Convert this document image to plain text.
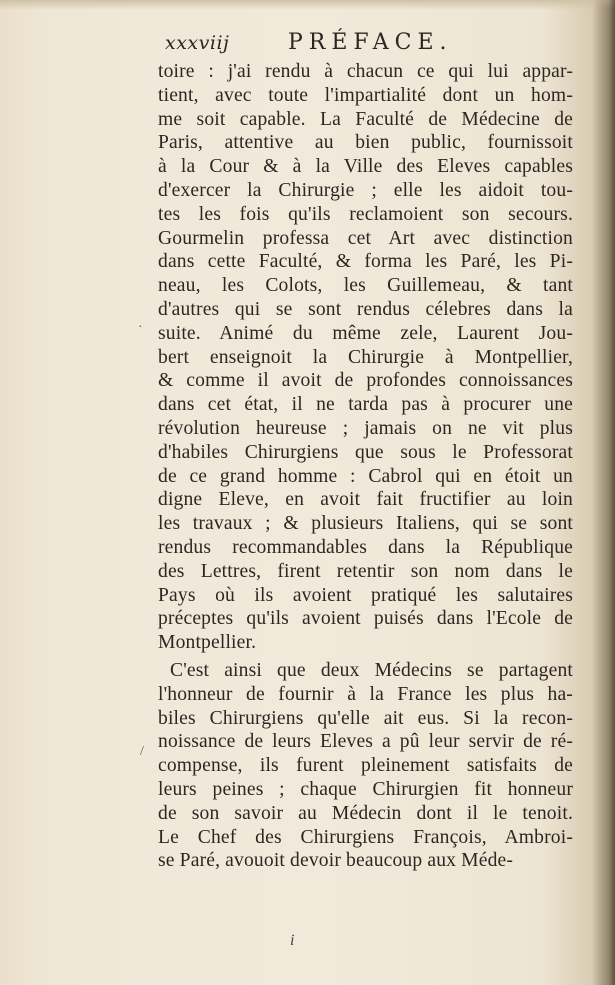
xxxviij	PRÉFACE.
toire : j'ai rendu à chacun ce qui lui appar-
tient, avec toute l'impartialité dont un hom-
me soit capable. La Faculté de Médecine de
Paris, attentive au bien public, fournissoit
à la Cour & à la Ville des Eleves capables
d'exercer la Chirurgie ; elle les aidoit tou-
tes les fois qu'ils reclamoient son secours.
Gourmelin professa cet Art avec distinction
dans cette Faculté, & forma les Paré, les Pi-
neau, les Colots, les Guillemeau, & tant
d'autres qui se sont rendus célebres dans la
suite. Animé du même zele, Laurent Jou-
bert enseignoit la Chirurgie à Montpellier,
& comme il avoit de profondes connoissances
dans cet état, il ne tarda pas à procurer une
révolution heureuse ; jamais on ne vit plus
d'habiles Chirurgiens que sous le Professorat
de ce grand homme : Cabrol qui en étoit un
digne Eleve, en avoit fait fructifier au loin
les travaux ; & plusieurs Italiens, qui se sont
rendus recommandables dans la République
des Lettres, firent retentir son nom dans le
Pays où ils avoient pratiqué les salutaires
préceptes qu'ils avoient puisés dans l'Ecole de
Montpellier.
C'est ainsi que deux Médecins se partagent
l'honneur de fournir à la France les plus ha-
biles Chirurgiens qu'elle ait eus. Si la recon-
noissance de leurs Eleves a pû leur servir de ré-
compense, ils furent pleinement satisfaits de
leurs peines ; chaque Chirurgien fit honneur
de son savoir au Médecin dont il le tenoit.
Le Chef des Chirurgiens François, Ambroi-
se Paré, avouoit devoir beaucoup aux Méde-
·
/
i
